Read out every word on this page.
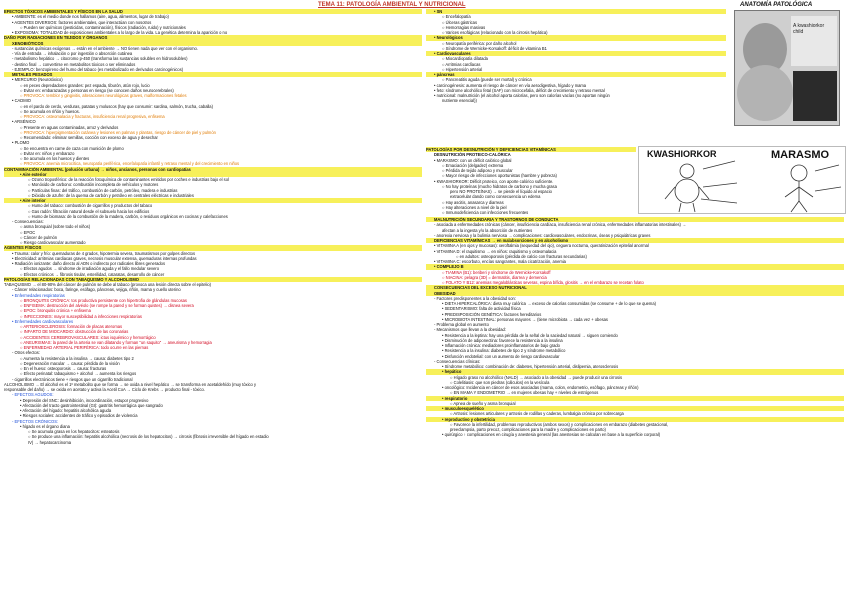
TEMA 11: PATOLOGÍA AMBIENTAL Y NUTRICIONAL	ANATOMÍA PATOLÓGICA
EFECTOS TÓXICOS AMBIENTALES Y FÍSICOS EN LA SALUD
• AMBIENTE: es el medio donde nos hallamos (aire, agua, alimentos, lugar de trabajo)
• AGENTES DIVERSOS: factores ambientales, que interactúan con nosotros
○ Pueden ser químicos (pesticidas, contaminación), físicos (radiación, ruido) y nutricionales
• EXPOSOMA: TOTALIDAD de exposiciones ambientales a lo largo de la vida. La genética determina la aparición o no
DAÑO POR RADIACIONES EN TEJIDOS Y ÓRGANOS
XENOBIÓTICOS
- sustancias químicas exógenas → están en el ambiente → NO tienen nada que ver con el organismo.
- Vía de entrada → inhalación o por ingestión o absorción cutánea
- metabolismo hepático → citocromo p-450 (transforma las sustancias solubles en hidrosolubles)
- destino final → convertirse en metabolitos tóxicos o ser eliminados
- EJEMPLO: benzopireno del humo del tabaco (es metabolizado en derivados carcinogénicos)
METALES PESADOS
• MERCURIO (Neurotóxico)
○ en peces depredadores grandes: pez espada, tiburón, atún rojo, lucio
○ Evitar en: embarazadas y personas en riesgo (se conocen daños neurocerebrales)
○ PROVOCA: temblor y gingivitis, alteraciones neurológicas graves, malformaciones fetales
• CADMIO
○ en el pardo de cerdo, verduras, patatas y moluscos (hay que consumir: sardina, salmón, trucha, caballa)
○ Se acumula en riñón y huesos.
○ PROVOCA: osteomalacia y fracturas, insuficiencia renal progresiva, enfisema
• ARSÉNICO
○ Presente en aguas contaminadas, arroz y derivados
○ PROVOCA: hiperpigmentación cutánea y lesiones en palmas y plantas, riesgo de cáncer de piel y pulmón
○ Recomendado: eliminar semillas, cocción con exceso de agua y desechar
• PLOMO
○ Se encuentra en carne de caza con munición de plomo
○ Evitar en: niños y embarazo
○ Se acumula en los huesos y dientes
○ PROVOCA: anemia microcítica, neuropatía periférica, encefalopatía infantil y retraso mental y del crecimiento en niños
CONTAMINACIÓN AMBIENTAL (polución urbana) → niños, ancianos, personas con cardiopatías
• Aire exterior
○ Ozono troposférico: de la reacción fotoquímica de contaminantes emitidos por coches e industrias bajo el sol
○ Monóxido de carbono: combustión incompleta de vehículos y motores
○ Partículas finas: del tráfico, combustión de carbón, petróleo, madera e industrias
○ Dióxido de azufre: de la quema de carbón y petróleo en centrales eléctricas e industriales
• Aire interior
○ Humo del tabaco: combustión de cigarrillos y productos del tabaco
○ Gas radón: filtración natural desde el subsuelo hacia los edificios
○ Humo de biomasa: de la combustión de la madera, carbón, o residuos orgánicos en cocinas y calefacciones
- Consecuencias:
○ asma bronquial (sobre todo el niños)
○ EPOC
○ Cáncer de pulmón
○ Riesgo cardiovascular aumentado
AGENTES FÍSICOS
• Trauma: calor y frío: quemaduras de 4 grados, hipotermia severa, traumatismos por golpes directos
• Electricidad: arritmias cardiacas graves, necrosis muscular extensa, quemaduras internas profundas
• Radiación ionizante: daño directo al ADN o indirecto por radicales libres generados
○ Efectos agudos → síndrome de irradiación aguda y el fallo medular severo
○ Efectos crónicos → fibrosis tisular, esterilidad, cataratas, desarrollo de cáncer
PATOLOGÍAS RELACIONADAS CON TABAQUISMO Y ALCOHOLISMO
TABAQUISMO → el 80-90% del cáncer de pulmón se debe al tabaco (provoca una lesión directa sobre el epitelio)
- Cáncer relacionados: boca, faringe, esófago, páncreas, vejiga, riñón, mama y cuello uterino
• Enfermedades respiratorias
○ BRONQUITIS CRÓNICA: tos productiva persistente con hipertrofia de glándulas mucosas
○ ENFISEMA: destrucción del alvéolo (se rompe la pared y se forman quistes) → disnea severa
○ EPOC: bronquitis crónica + enfisema
○ INFECCIONES: mayor susceptibilidad a infecciones respiratorias
• Enfermedades cardiovasculares
○ ARTERIOSCLEROSIS: formación de placas ateromas
○ INFARTO DE MIOCARDIO: obstrucción de las coronarias
○ ACCIDENTES CEREBROVASCULARES: ictus isquémico y hemorrágico
○ ANEURISMAS: la pared de la arteria se van dilatando y forman "un saquito" → aneurisma y hemorragia
○ ENFERMEDAD ARTERIAL PERIFÉRICA: todo ocurre en las piernas
- Otros efectos:
○ Aumenta la resistencia a la insulina → causa: diabetes tipo 2
○ Degeneración macular → causa: pérdida de la visión
○ En el hueso: osteoporosis → causa: fracturas
○ Efecto perinatal: tabaquismo + alcohol → aumenta los riesgos
- cigarrillos electrónicos tiene + riesgos que un cigarrillo tradicional
ALCOHOLISMO → El alcohol es el 1º metabolito que se forma → se oxida a nivel hepático → se transforma en acetaldehído (muy tóxico y
responsable del daño) → se oxida en acetato y activa la Acetil CoA → Ciclo de Krebs → producto final - tóxico.
- EFECTOS AGUDOS:
• Depresión del SNC: desinhibición, incoordinación, estupor progresivo
• Afectación del tracto gastrointestinal (GI): gastritis hemorrágica que sangrado
• Afectación del hígado: hepatitis alcohólica aguda
• Riesgos sociales: accidentes de tráfico y episodios de violencia
- EFECTOS CRÓNICOS:
• hígado es el órgano diana
○ Se acumula grasa en los hepatocitos: esteatosis
○ Se produce una inflamación: hepatitis alcohólica (necrosis de los hepatocitos) → cirrosis (fibrosis irreversible del hígado en estadio
IV) → hepatocarcinoma
• SN
○ Encefalopatía
○ Úlceras gástricas
○ Hemorragias masivas
○ Varices esofágicas (relacionado con la cirrosis hepática)
• Neurológicos
○ Neuropatía periférica: por daño alcohol
○ Síndrome de Wernicke-Korsakoff: déficit de vitamina B1
• Cardiovasculares
○ Miocardiopatía dilatada
○ Arritmias cardíacas
○ Hipertensión arterial
• páncreas
○ Pancreatitis aguda (puede ser mortal) y crónica
• carcinogénesis: aumenta el riesgo de cáncer en vía aerodigestiva, hígado y mama
• feto: síndrome alcohólico fetal (SAF) con microcefalia, déficit de crecimiento y retraso mental
• nutricional: malnutrición (el alcohol aporta calorías, pero son calorías vacías (no aportan ningún
nutriente esencial))
PATOLOGÍAS POR DESNUTRICIÓN Y DEFICIENCIAS VITAMÍNICAS
DESNUTRICIÓN PROTEICO-CALÓRICA
• MARASMO: con un déficit calórico global
○ Emaciación (delgadez) extrema
○ Pérdida de tejido adiposo y muscular
○ Mayor riesgo de infecciones oportunistas (hambre y pobreza)
• KWASHIORKOR: Déficit proteico, con aporte calórico suficiente.
○ No hay proteínas (mucho hidratos de carbono y mucha grasa
pero NO PROTEÍNAS) → se pierde el líquido al espacio
extracelular dando como consecuencia un edema
○ Hay ascitis, anasarca y diarreas
○ Hay alteraciones a nivel de la piel
○ Inmunodeficiencia con infecciones frecuentes
MALNUTRICIÓN SECUNDARIA Y TRASTORNOS DE CONDUCTA
- asociada a enfermedades crónicas (cáncer, insuficiencia cardíaca, insuficiencia renal crónica, enfermedades inflamatorias intestinales) →
afectan a la ingesta y/o la absorción de nutrientes
- anorexia nerviosa y la bulimia nerviosa → complicaciones: cardiovasculares, endocrinas, óseas y psiquiátricas graves
DEFICIENCIAS VITAMÍNICAS → en malabsorciones y en alcoholismo
• VITAMINA A (en ojos y mucosas): xeroftalmia (sequedad del ojo), ceguera nocturna, queratinización epitelial anormal
• VITAMINA D: el raquitismo → en niños: raquitismo y osteomalacia
○ en adultos: osteoporosis (pérdida de calcio con fracturas secundarias)
• VITAMINA C: escorbuto, encías sangrantes, mala cicatrización, anemia
• COMPLEJO B
○ TIAMINA (B1): beriberi y síndrome de Wernicke-Korsakoff
○ NIACINA: pelagra (3D) = dermatitis, diarrea y demencia
○ FOLATO Y B12: anemias megaloblásticas severas, espina bífida, glositis → en el embarazo se recetan folato
CONSECUENCIAS DEL EXCESO NUTRICIONAL
OBESIDAD
- Factores predisponentes a la obesidad son:
• DIETA HIPERCALÓRICA: dieta muy calórica → exceso de calorías consumidas (se consume + de lo que se quema)
• SEDENTARISMO: falta de actividad física
• PREDISPOSICIÓN GENÉTICA: factores hereditarios
• MICROBIOTA INTESTINAL: personas mayores → (tiene microbiota → cada vez + obesas
- Problema global en aumento
- Mecanismos que llevan a la obesidad:
• Resistencia a la leptina: hay una pérdida de la señal de la saciedad natural → siguen comiendo
• Disminución de adiponectina: favorece la resistencia a la insulina
• Inflamación crónica: mediadores proinflamatorios de bajo grado
• Resistencia a la insulina: diabetes de tipo 2 y síndrome metabólico
• Disfunción endotelial: con un aumento de riesgo cardiovascular
- Consecuencias clínicas:
• Síndrome metabólico: combinación de: diabetes, hipertensión arterial, dislipemia, aterosclerosis
• hepático
○ Hígado graso no alcohólico (NALD) → asociado a la obesidad → puede producir una cirrosis
○ Colelitiasis: que son piedras (cálculos) en la vesícula
• oncológico: Incidencia en cáncer de esos asociadas (mama, colon, endometrio, esófago, páncreas y riñón)
○ EN MAMA Y ENDOMETRIO → en mujeres obesas hay + niveles de estrógenos
• respiratorio
○ Apnea de sueño y asma bronquial
• musculoesquelético
○ Artrosis: lesiones articulares y artrosis de rodillas y caderas, lumbalgia crónica por sobrecarga
• reproductivo y obstetricia
○ Favorece la infertilidad, problemas reproductivos (ambos sexos) y complicaciones en embarazo (diabetes gestacional,
preeclampsia, parto precoz, complicaciones para la madre y complicaciones en parto)
• quirúrgico ↑ complicaciones en cirugía y anestesia general (las anestesias se calculan en base a la superficie corporal)
A kwashiorkor child
KWASHIORKOR	MARASMO
